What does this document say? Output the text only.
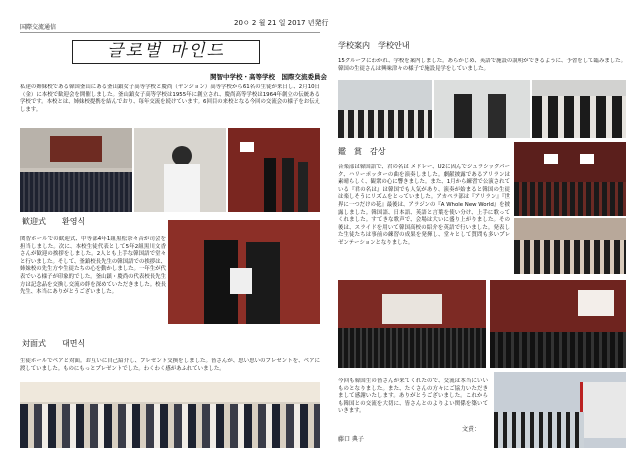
国際交流通信
20ㅇ 2 월 21 일 2017 년発行
글로벌 마인드
関智中学校・高等学校　国際交流委員会
私達の姉妹校である韓国釜山にある釜山鎮女子高等学校と慶尚（ヤンジョン）高等学校から61名の生徒が来日し、2月10日（金）に本校で歓迎会を開催しました。釜山鎮女子高等学校は1955年に創立され、慶尚高等学校は1964年創立の伝統ある学校です。本校とは、姉妹校提携を結んでおり、毎年交流を続けています。6回目の来校となる今回の交流会の様子をお伝えします。
歓迎式　　환영식
関智ホールでの歓迎式、中等部4年1組黒松奈々音が司会を担当しました。次に、本校生徒代表として5年2組黒川文香さんが歓迎の挨拶をしました。2人とも上手な韓国語で堂々と行いました。そして、釜鎮校長先生の韓国語での挨拶は、姉妹校の先生方や生徒たちの心を動かしました。一年生が代表でいる様子が印象的でした。釜山鎮・慶尚の代表校長先生方は記念品を交換し交流の絆を深めていただきました。校長先生、本当にありがとうございました。
対面式　　대면식
生徒ホールでペアと対面。お互いに自己紹介し、プレゼント交換をしました。皆さんが、思い思いのプレゼントを、ペアに渡していました。ものにもっとプレゼントでした。わくわく感があふれていました。
学校案内　学校안내
15グループにわかれ、学校を案内しました。あらかじめ、英語で施設の説明ができるように、予習をして臨みました。韓国の生徒さんは興味津々の様子で施設見学をしていました。
鑑　賞　감상
音楽部は韓国語で、君の名は メドレー、U2に因んでジュラシックパーク、ハリーポッターの曲を演奏しました。劇献披露であるアリランは素晴らしく、観衆の心に響きました。また、1月から練習で公演されている『君の名は』は韓国でも人気があり、演奏が始まると韓国の生徒は楽しそうにリズムをとっていました。アカペラ部は『アリラン』『世界に一つだけの花』最後は、アラジンの『A Whole New World』を披露しました。韓国語、日本語、英語と言葉を使い分け、上手に歌ってくれました。すてきな歌声で、会場は大いに盛り上がりました。その後は、スライドを用いて韓国高校の紹介を英語で行いました。発表した生徒たちは事前の練習の成果を発揮し、堂々として質問も多いプレゼンテーションとなりました。
今回も韓国生の皆さんが来てくれたので、交流は本当にいいものとなりました。また、たくさんの方々にご協力いただきまして感謝いたします。ありがとうございました。これからも韓国との交流を大切に、皆さんとのよりよい関係を築いていきます。
文責：
藤口 典子
